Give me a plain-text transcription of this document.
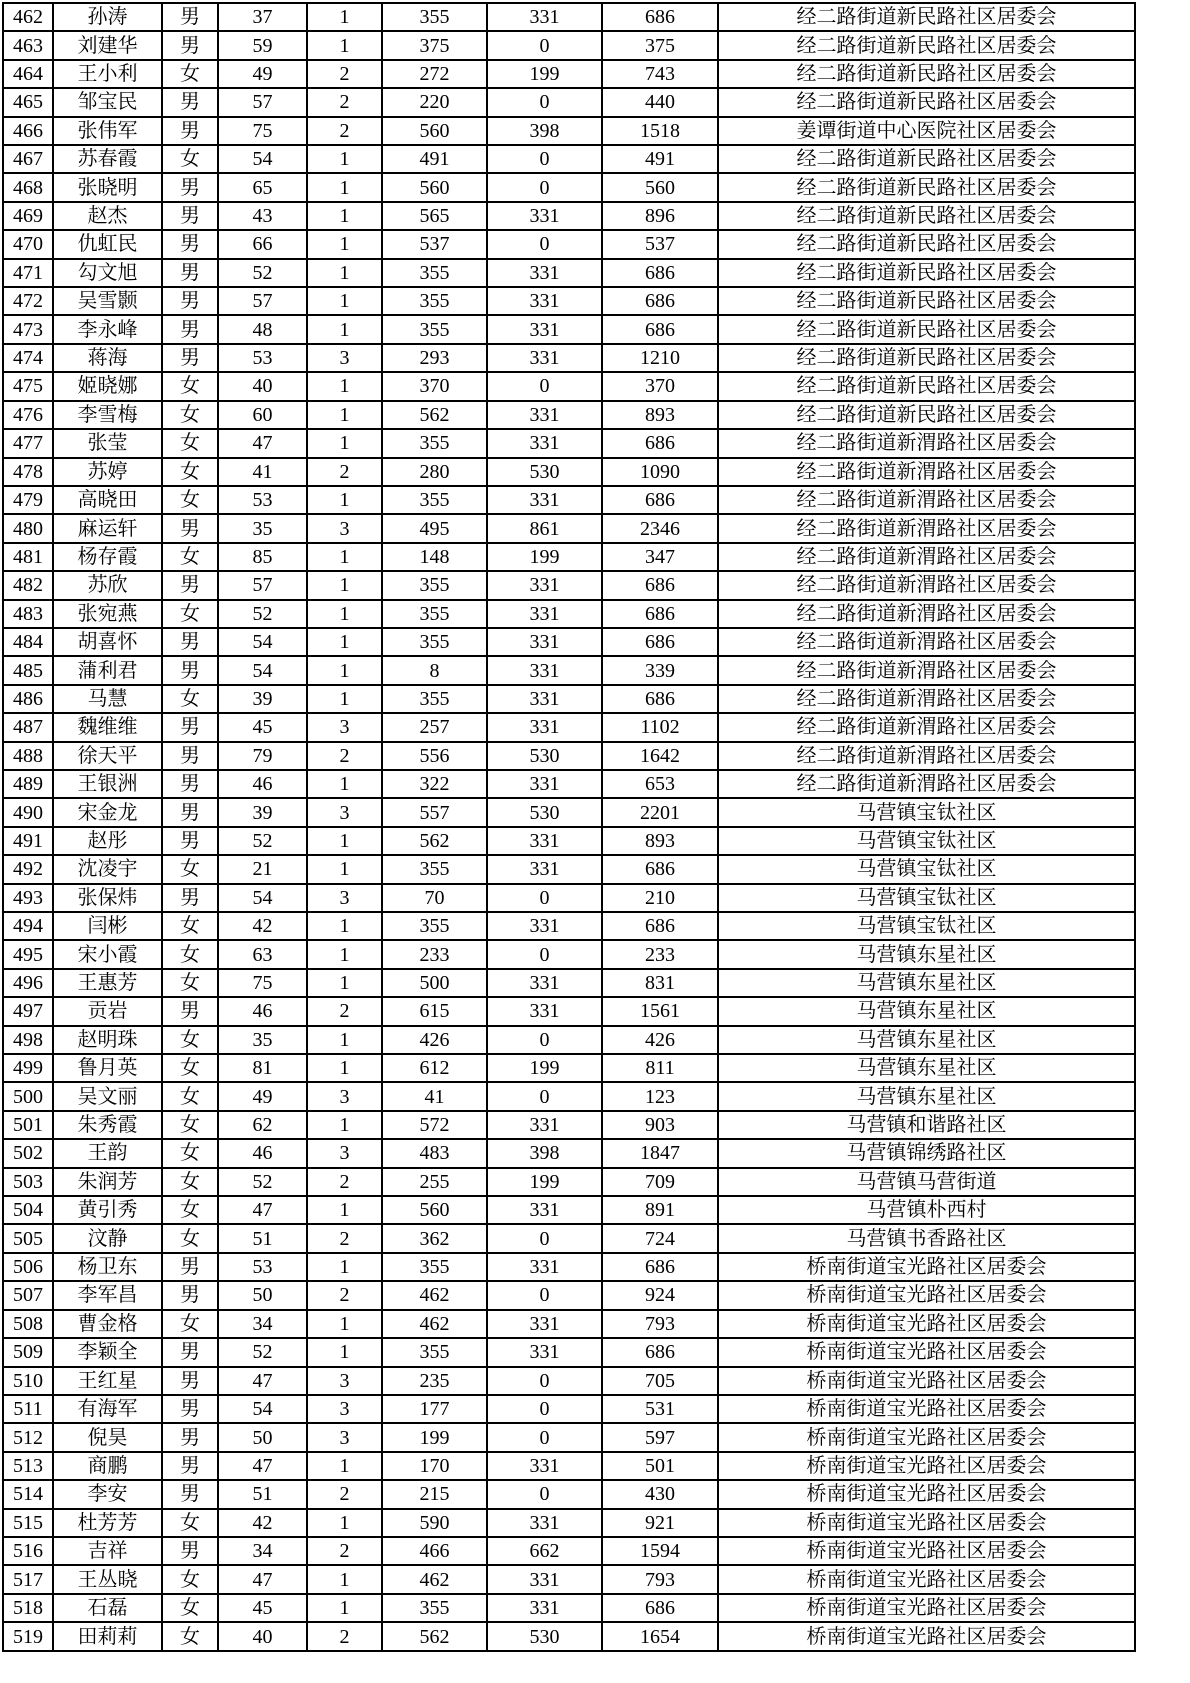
462	孙涛	男	37	1	355	331	686	经二路街道新民路社区居委会
463	刘建华	男	59	1	375	0	375	经二路街道新民路社区居委会
464	王小利	女	49	2	272	199	743	经二路街道新民路社区居委会
465	邹宝民	男	57	2	220	0	440	经二路街道新民路社区居委会
466	张伟军	男	75	2	560	398	1518	姜谭街道中心医院社区居委会
467	苏春霞	女	54	1	491	0	491	经二路街道新民路社区居委会
468	张晓明	男	65	1	560	0	560	经二路街道新民路社区居委会
469	赵杰	男	43	1	565	331	896	经二路街道新民路社区居委会
470	仇虹民	男	66	1	537	0	537	经二路街道新民路社区居委会
471	勾文旭	男	52	1	355	331	686	经二路街道新民路社区居委会
472	吴雪颢	男	57	1	355	331	686	经二路街道新民路社区居委会
473	李永峰	男	48	1	355	331	686	经二路街道新民路社区居委会
474	蒋海	男	53	3	293	331	1210	经二路街道新民路社区居委会
475	姬晓娜	女	40	1	370	0	370	经二路街道新民路社区居委会
476	李雪梅	女	60	1	562	331	893	经二路街道新民路社区居委会
477	张莹	女	47	1	355	331	686	经二路街道新渭路社区居委会
478	苏婷	女	41	2	280	530	1090	经二路街道新渭路社区居委会
479	高晓田	女	53	1	355	331	686	经二路街道新渭路社区居委会
480	麻运轩	男	35	3	495	861	2346	经二路街道新渭路社区居委会
481	杨存霞	女	85	1	148	199	347	经二路街道新渭路社区居委会
482	苏欣	男	57	1	355	331	686	经二路街道新渭路社区居委会
483	张宛燕	女	52	1	355	331	686	经二路街道新渭路社区居委会
484	胡喜怀	男	54	1	355	331	686	经二路街道新渭路社区居委会
485	蒲利君	男	54	1	8	331	339	经二路街道新渭路社区居委会
486	马慧	女	39	1	355	331	686	经二路街道新渭路社区居委会
487	魏维维	男	45	3	257	331	1102	经二路街道新渭路社区居委会
488	徐天平	男	79	2	556	530	1642	经二路街道新渭路社区居委会
489	王银洲	男	46	1	322	331	653	经二路街道新渭路社区居委会
490	宋金龙	男	39	3	557	530	2201	马营镇宝钛社区
491	赵彤	男	52	1	562	331	893	马营镇宝钛社区
492	沈凌宇	女	21	1	355	331	686	马营镇宝钛社区
493	张保炜	男	54	3	70	0	210	马营镇宝钛社区
494	闫彬	女	42	1	355	331	686	马营镇宝钛社区
495	宋小霞	女	63	1	233	0	233	马营镇东星社区
496	王惠芳	女	75	1	500	331	831	马营镇东星社区
497	贡岩	男	46	2	615	331	1561	马营镇东星社区
498	赵明珠	女	35	1	426	0	426	马营镇东星社区
499	鲁月英	女	81	1	612	199	811	马营镇东星社区
500	吴文丽	女	49	3	41	0	123	马营镇东星社区
501	朱秀霞	女	62	1	572	331	903	马营镇和谐路社区
502	王韵	女	46	3	483	398	1847	马营镇锦绣路社区
503	朱润芳	女	52	2	255	199	709	马营镇马营街道
504	黄引秀	女	47	1	560	331	891	马营镇朴西村
505	汶静	女	51	2	362	0	724	马营镇书香路社区
506	杨卫东	男	53	1	355	331	686	桥南街道宝光路社区居委会
507	李军昌	男	50	2	462	0	924	桥南街道宝光路社区居委会
508	曹金格	女	34	1	462	331	793	桥南街道宝光路社区居委会
509	李颖全	男	52	1	355	331	686	桥南街道宝光路社区居委会
510	王红星	男	47	3	235	0	705	桥南街道宝光路社区居委会
511	有海军	男	54	3	177	0	531	桥南街道宝光路社区居委会
512	倪昊	男	50	3	199	0	597	桥南街道宝光路社区居委会
513	商鹏	男	47	1	170	331	501	桥南街道宝光路社区居委会
514	李安	男	51	2	215	0	430	桥南街道宝光路社区居委会
515	杜芳芳	女	42	1	590	331	921	桥南街道宝光路社区居委会
516	吉祥	男	34	2	466	662	1594	桥南街道宝光路社区居委会
517	王丛晓	女	47	1	462	331	793	桥南街道宝光路社区居委会
518	石磊	女	45	1	355	331	686	桥南街道宝光路社区居委会
519	田莉莉	女	40	2	562	530	1654	桥南街道宝光路社区居委会
